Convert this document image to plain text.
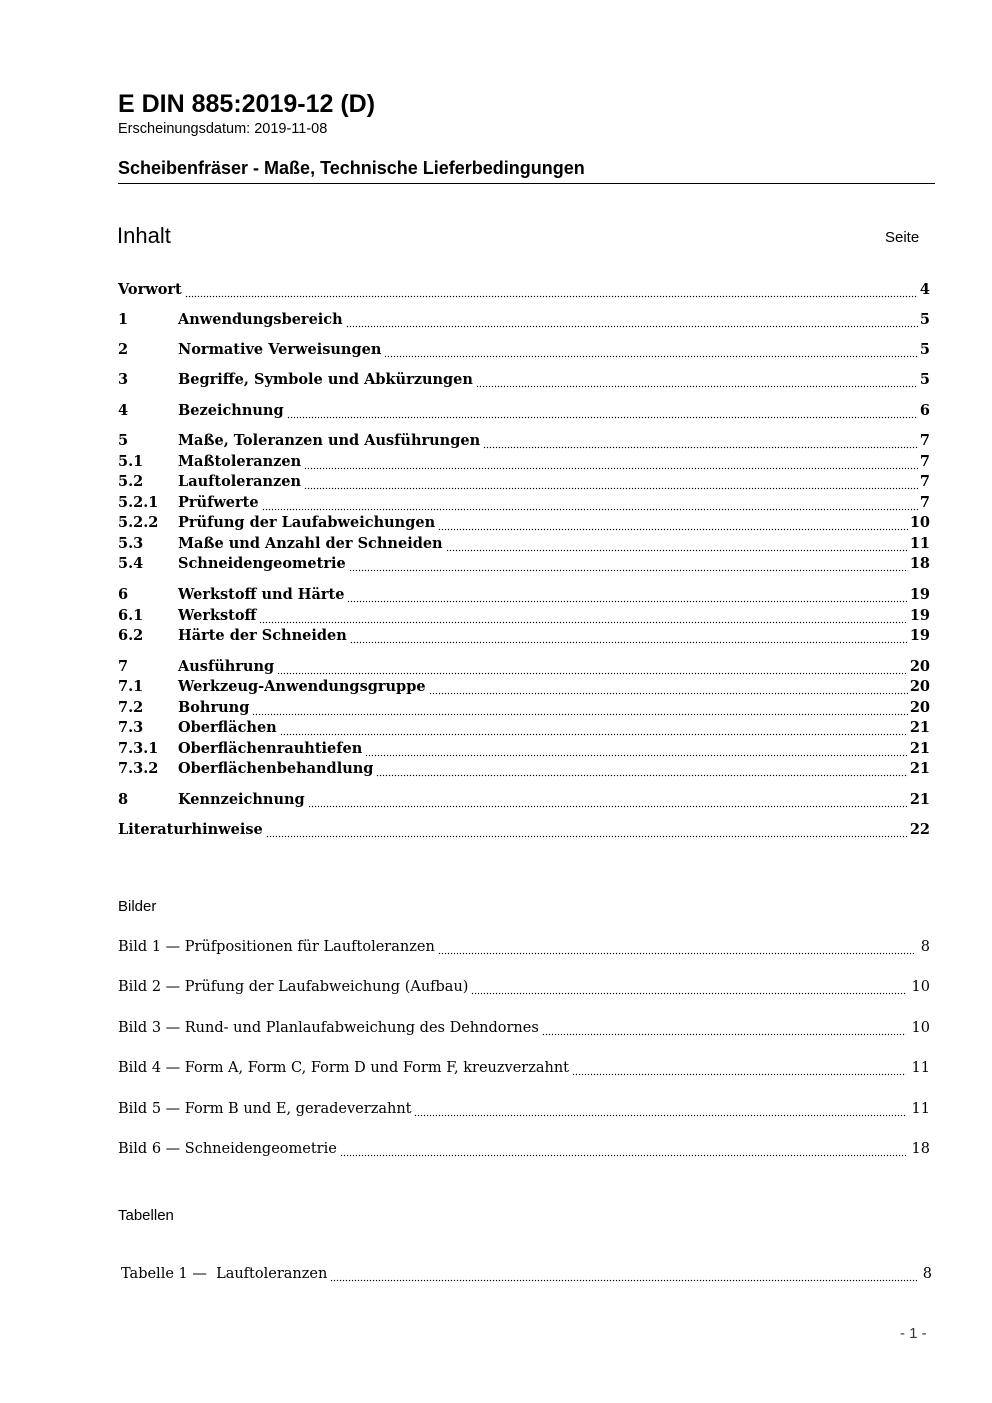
E DIN 885:2019-12 (D)
Erscheinungsdatum: 2019-11-08
Scheibenfräser - Maße, Technische Lieferbedingungen
Inhalt	Seite
Vorwort	4
1	Anwendungsbereich	5
2	Normative Verweisungen	5
3	Begriffe, Symbole und Abkürzungen	5
4	Bezeichnung	6
5	Maße, Toleranzen und Ausführungen	7
5.1	Maßtoleranzen	7
5.2	Lauftoleranzen	7
5.2.1	Prüfwerte	7
5.2.2	Prüfung der Laufabweichungen	10
5.3	Maße und Anzahl der Schneiden	11
5.4	Schneidengeometrie	18
6	Werkstoff und Härte	19
6.1	Werkstoff	19
6.2	Härte der Schneiden	19
7	Ausführung	20
7.1	Werkzeug-Anwendungsgruppe	20
7.2	Bohrung	20
7.3	Oberflächen	21
7.3.1	Oberflächenrauhtiefen	21
7.3.2	Oberflächenbehandlung	21
8	Kennzeichnung	21
Literaturhinweise	22
Bilder
Bild 1 — Prüfpositionen für Lauftoleranzen	8
Bild 2 — Prüfung der Laufabweichung (Aufbau)	10
Bild 3 — Rund- und Planlaufabweichung des Dehndornes	10
Bild 4 — Form A, Form C, Form D und Form F, kreuzverzahnt	11
Bild 5 — Form B und E, geradeverzahnt	11
Bild 6 — Schneidengeometrie	18
Tabellen
Tabelle 1 —  Lauftoleranzen	8
- 1 -
